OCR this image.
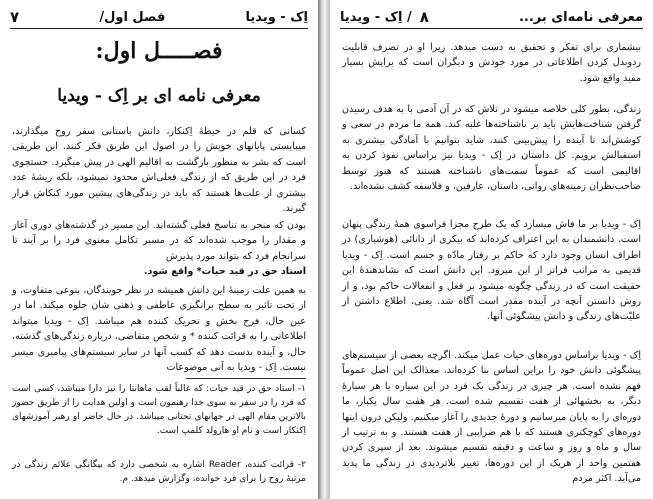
اِک - ویدیا
فصل اول/
۷
فصـــــل اول:
معرفی نامه ای بر اِک - ویدیا
کسانی که قلم در حیطهٔ اِکنکار، دانش باستانی سفر روح میگذارند، میبایستی پایانهای خویش را در اصول این طریق فکر کنند. این طریقی است که بشر به منظور بازگشت به اقالیم الهی در پیش میگیرد. جستجوی فرد در این طریق که از زندگی فعلی‌اش محدود نمیشود، بلکه ریشهٔ عدد بیشتری از علت‌ها هستند که باید در زندگی‌های پیشین مورد کنکاش قرار گیرند.
بودن که منجر به تناسخ فعلی گشته‌اند. این مسیر در گذشته‌های دوری آغاز و مقدار را موجب شده‌اند که در مسیر تکامل معنوی فرد را بر آیند تا سرانجام فرد که بتواند مورد پذیرش
استاد حق در قید حیات* واقع شود.
به همین علت زمینهٔ این دانش همیشه در نظر جویندگان، بنوعی متفاوت، و از تحت تاثیر به سطح برانگیزی عاطفی و ذهنی شان جلوه میکند. اما در عین حال، فرح بخش و تحریک کننده هم میباشد. اِک - ویدیا میتواند اطلاعاتی را به قرائت کننده * و شخص متقاضی، درباره زندگی‌های گذشته، حال، و آینده بدست دهد که کسب آنها در سایر سیستم‌های پیامبری میسر نیست. اِک - ویدیا به آنی موضوعات
۱- استاد حق در قید حیات: که غالباً لقب ماهانتا را نیز دارا میباشد، کسی است که فرد را در سفر به سوی خدا رهنمون است و اولین هدایت را از طریق حضور بالاترین مقام الهی در جهانهای تحتانی میباشد. در حال حاضر او رهبر آموزشهای اِکنکار است و نام او هارولد کلمپ است.
۲- قرائت کننده، Reader اشاره به شخصی دارد که بیگانگی علائم زندگی در مرتبهٔ روح را برای فرد خوانده، وگزارش میدهد. م.
معرفی نامه‌ای بر...
۸
/ اِک - ویدیا
بیشماری برای تفکر و تحقیق به دست میدهد. زیرا او در تصرف قابلیت ردوبدل کردن اطلاعاتی در مورد خودش و دیگران است که برایش بسیار مفید واقع شود.
زندگی، بطور کلی خلاصه میشود در تلاش که در آن آدمی با به هدف رسیدن گرفتن شناخت‌هایش باید بر ناشناخته‌ها غلبه کند. همه ما مردم در سعی و کوشش‌اند تا آینده را پیش‌بینی کنند، شاید بتوانیم با آمادگی بیشتری به استقبالش برویم. کل داستان در اِک - ویدیا نیز براساس نفوذ کردن به اقالیمی است که عموماً سمت‌های ناشناخته هستند که هنوز توسط صاحب‌نظران زمینه‌های روانی، داستان، عارفین، و فلاسفه کشف نشده‌اند.
اِک - ویدیا بر ما فاش میسازد که یک طرح مجزا فراسوی همهٔ زندگی پنهان است. دانشمندان به این اعتراف کرده‌اند که بیکری از دانائی (هوشیاری) در اطراف انسان وجود دارد که حاکم بر رفتار مادّه و جسم است. اِک - ویدیا قدیمی به مراتب فراتر از این میرود. این دانش است که نشاندهندهٔ این حقیقت است که در زندگی چگونه میشود بر فعل و انفعالات حاکم بود، و از روش دانستن آنچه در آینده مقدر است آگاه شد. یعنی، اطلاع داشتن از علیّت‌های زندگی و دانش پیشگوئی آنها.
اِک - ویدیا براساس دوره‌های حیات عمل میکند. اگرچه بعضی از سیستم‌های پیشگوئی دانش خود را براین اساس بنا کرده‌اند، معذالک این اصل عموماً فهم نشده است. هر چیزی در زندگی یک فرد در این سیاره یا هر سیارهٔ دیگر، به بخشهائی از هفت تقسیم شده است. هر هفت سال یکبار، ما دوره‌ای را به پایان میرسانیم و دورهٔ جدیدی را آغاز میکنیم. ولیکن درون اینها دوره‌های کوچکتری هستند که با هم ضرایبی از هفت هستند. و به ترتیب از سال و ماه و روز و ساعت و دقیقه تقسیم میشوند. بعد از سپری کردن هفتمین واحد از هریک از این دوره‌ها، تغییر بلاتردیدی در زندگی ما پدید می‌آید. اکثر مردم
